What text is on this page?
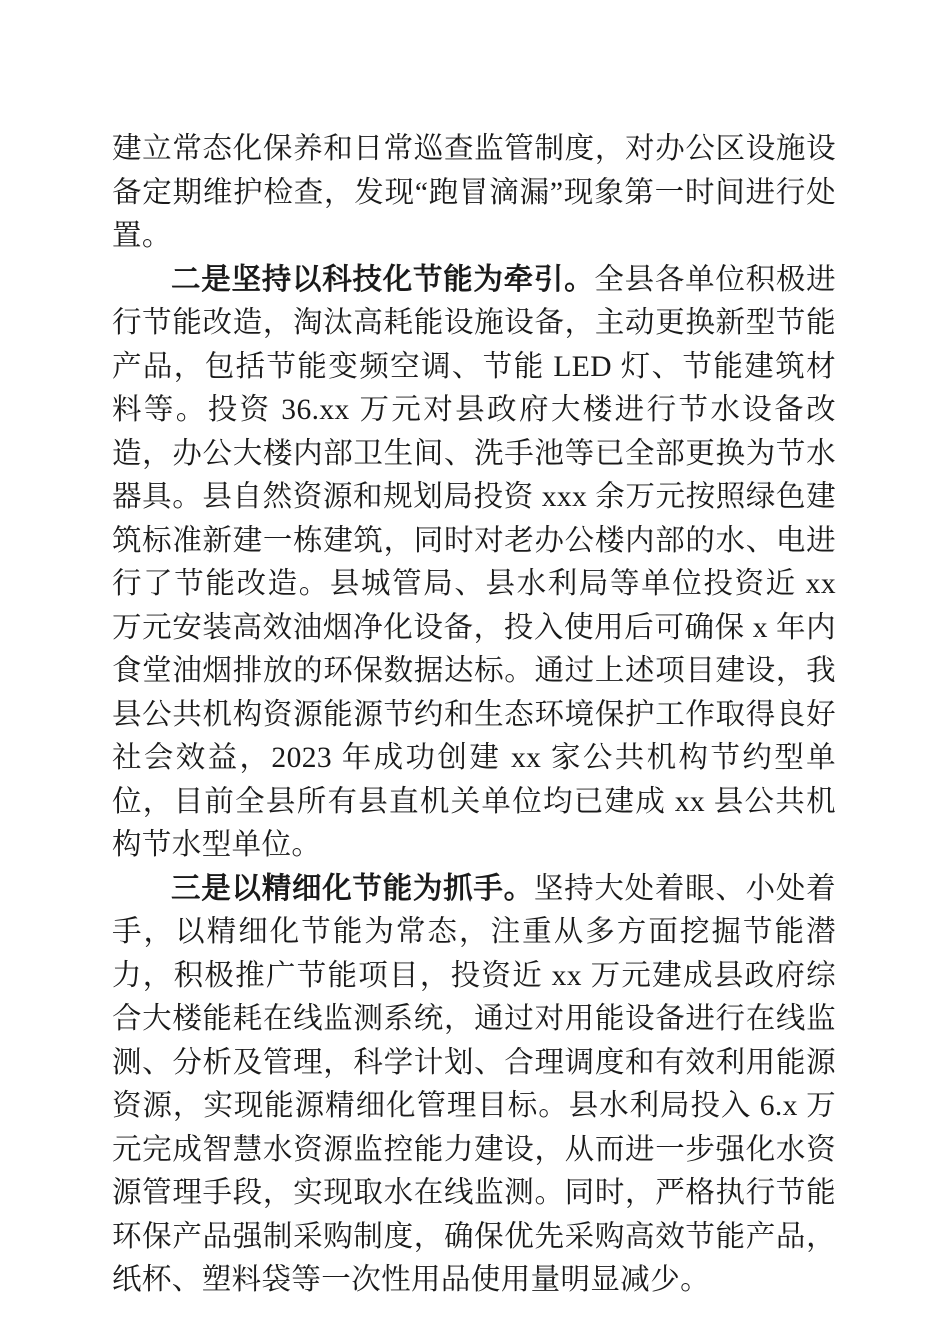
建立常态化保养和日常巡查监管制度，对办公区设施设备定期维护检查，发现“跑冒滴漏”现象第一时间进行处置。

二是坚持以科技化节能为牵引。全县各单位积极进行节能改造，淘汰高耗能设施设备，主动更换新型节能产品，包括节能变频空调、节能 LED 灯、节能建筑材料等。投资 36.xx 万元对县政府大楼进行节水设备改造，办公大楼内部卫生间、洗手池等已全部更换为节水器具。县自然资源和规划局投资 xxx 余万元按照绿色建筑标准新建一栋建筑，同时对老办公楼内部的水、电进行了节能改造。县城管局、县水利局等单位投资近 xx 万元安装高效油烟净化设备，投入使用后可确保 x 年内食堂油烟排放的环保数据达标。通过上述项目建设，我县公共机构资源能源节约和生态环境保护工作取得良好社会效益，2023 年成功创建 xx 家公共机构节约型单位，目前全县所有县直机关单位均已建成 xx 县公共机构节水型单位。

三是以精细化节能为抓手。坚持大处着眼、小处着手，以精细化节能为常态，注重从多方面挖掘节能潜力，积极推广节能项目，投资近 xx 万元建成县政府综合大楼能耗在线监测系统，通过对用能设备进行在线监测、分析及管理，科学计划、合理调度和有效利用能源资源，实现能源精细化管理目标。县水利局投入 6.x 万元完成智慧水资源监控能力建设，从而进一步强化水资源管理手段，实现取水在线监测。同时，严格执行节能环保产品强制采购制度，确保优先采购高效节能产品，纸杯、塑料袋等一次性用品使用量明显减少。
